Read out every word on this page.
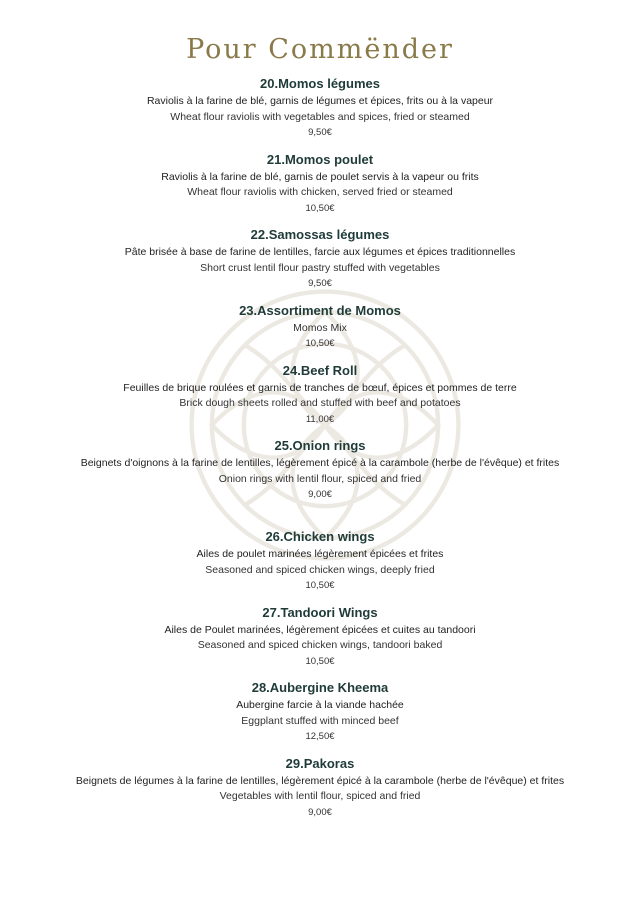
Pour Commënder
20.Momos légumes
Raviolis à la farine de blé, garnis de légumes et épices, frits ou à la vapeur
Wheat flour raviolis with vegetables and spices, fried or steamed
9,50€
21.Momos poulet
Raviolis à la farine de blé, garnis de poulet servis à la vapeur ou frits
Wheat flour raviolis with chicken, served fried or steamed
10,50€
22.Samossas légumes
Pâte brisée à base de farine de lentilles, farcie aux légumes et épices traditionnelles
Short crust lentil flour pastry stuffed with vegetables
9,50€
23.Assortiment de Momos
Momos Mix
10,50€
24.Beef Roll
Feuilles de brique roulées et garnis de tranches de bœuf, épices et pommes de terre
Brick dough sheets rolled and stuffed with beef and potatoes
11,00€
25.Onion rings
Beignets d'oignons à la farine de lentilles, légèrement épicé à la carambole (herbe de l'évêque) et frites
Onion rings with lentil flour, spiced and fried
9,00€
26.Chicken wings
Ailes de poulet marinées légèrement épicées et frites
Seasoned and spiced chicken wings, deeply fried
10,50€
27.Tandoori Wings
Ailes de Poulet marinées, légèrement épicées et cuites au tandoori
Seasoned and spiced chicken wings, tandoori baked
10,50€
28.Aubergine Kheema
Aubergine farcie à la viande hachée
Eggplant stuffed with minced beef
12,50€
29.Pakoras
Beignets de légumes à la farine de lentilles, légèrement épicé à la carambole (herbe de l'évêque) et frites
Vegetables with lentil flour, spiced and fried
9,00€
